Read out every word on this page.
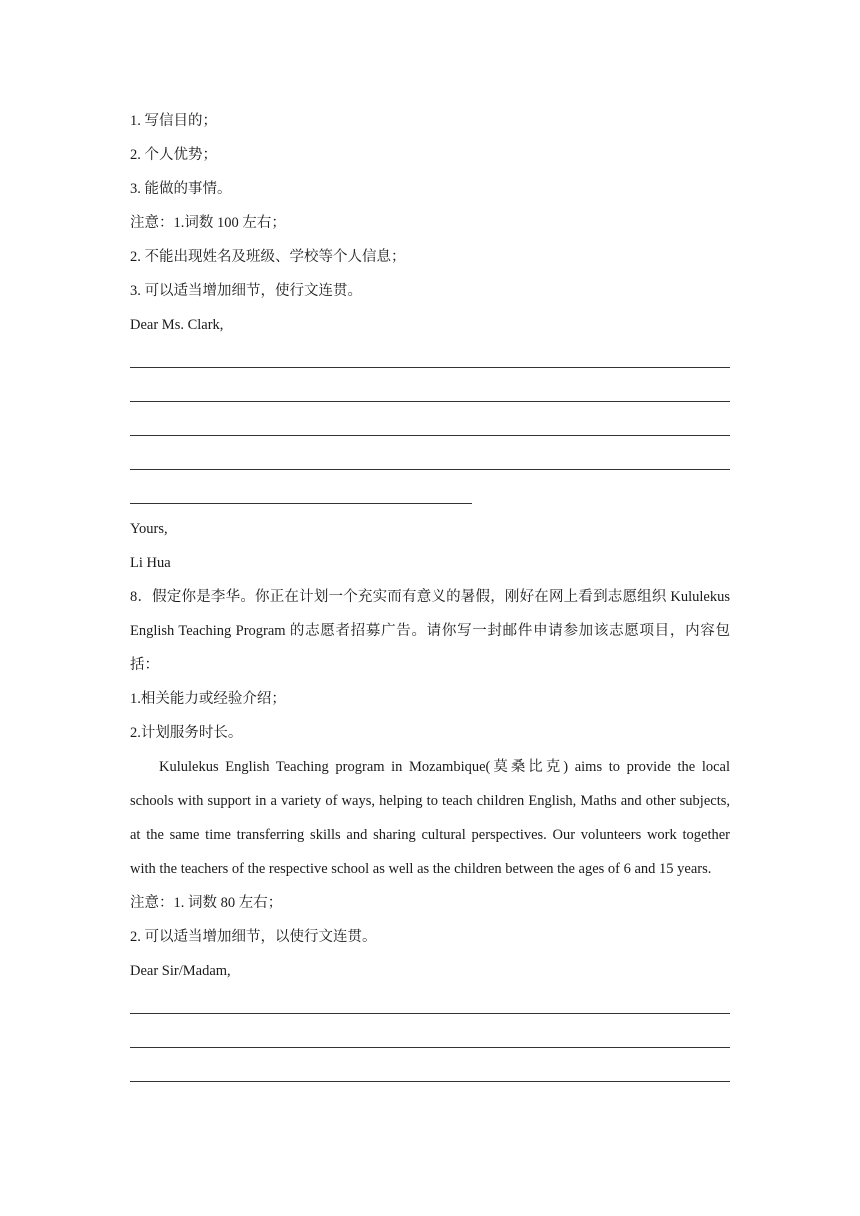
1. 写信目的；
2. 个人优势；
3. 能做的事情。
注意：1.词数 100 左右；
2. 不能出现姓名及班级、学校等个人信息；
3. 可以适当增加细节，使行文连贯。
Dear Ms. Clark,
Yours,
Li Hua
8．假定你是李华。你正在计划一个充实而有意义的暑假，刚好在网上看到志愿组织 Kululekus English Teaching Program 的志愿者招募广告。请你写一封邮件申请参加该志愿项目，内容包括：
1.相关能力或经验介绍；
2.计划服务时长。
Kululekus English Teaching program in Mozambique(莫桑比克) aims to provide the local schools with support in a variety of ways, helping to teach children English, Maths and other subjects, at the same time transferring skills and sharing cultural perspectives. Our volunteers work together with the teachers of the respective school as well as the children between the ages of 6 and 15 years.
注意：1. 词数 80 左右；
2. 可以适当增加细节，以使行文连贯。
Dear Sir/Madam,
